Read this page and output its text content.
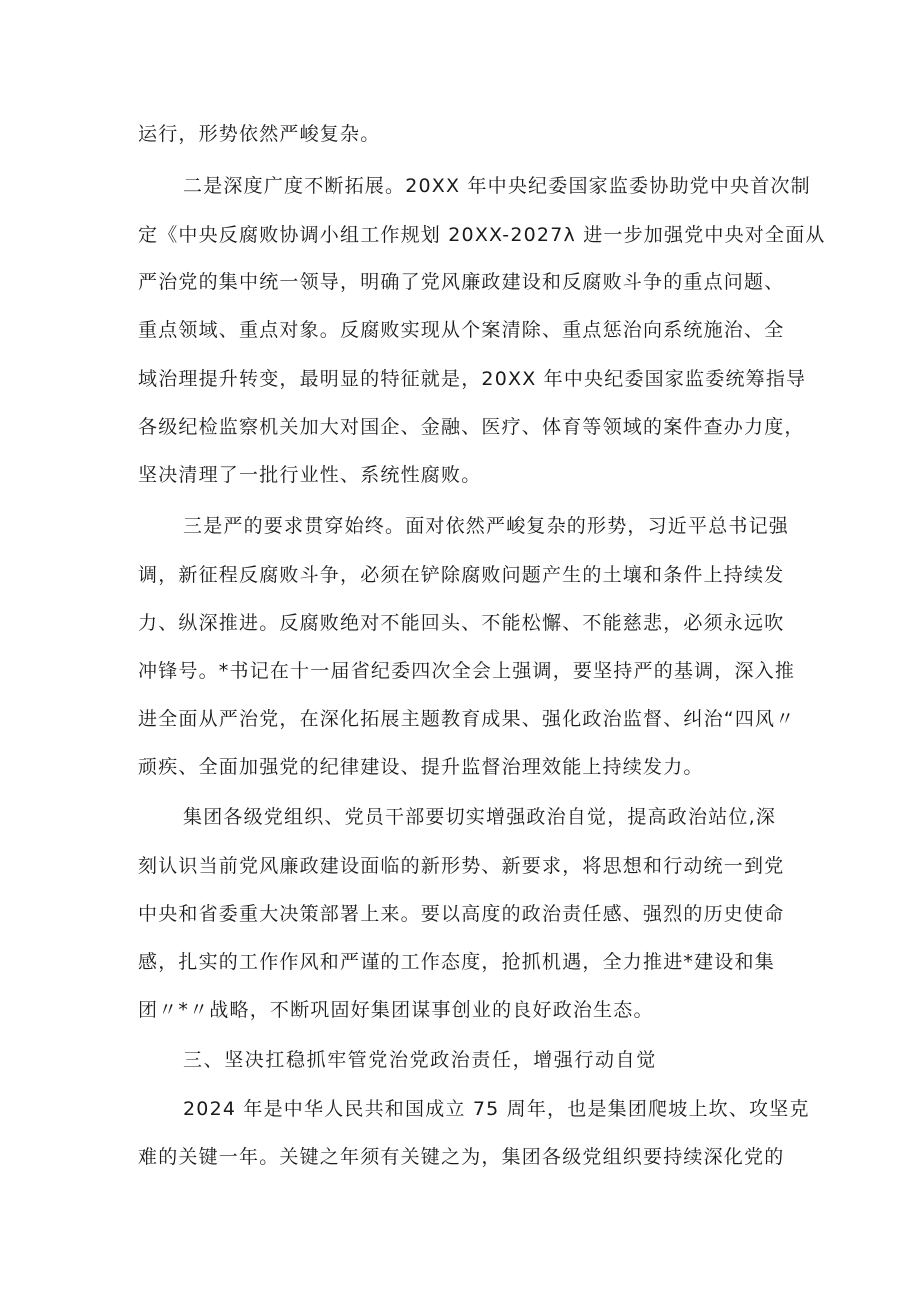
运行，形势依然严峻复杂。
二是深度广度不断拓展。20XX 年中央纪委国家监委协助党中央首次制
定《中央反腐败协调小组工作规划 20XX-2027λ 进一步加强党中央对全面从
严治党的集中统一领导，明确了党风廉政建设和反腐败斗争的重点问题、
重点领域、重点对象。反腐败实现从个案清除、重点惩治向系统施治、全
域治理提升转变，最明显的特征就是，20XX 年中央纪委国家监委统筹指导
各级纪检监察机关加大对国企、金融、医疗、体育等领域的案件查办力度，
坚决清理了一批行业性、系统性腐败。
三是严的要求贯穿始终。面对依然严峻复杂的形势，习近平总书记强
调，新征程反腐败斗争，必须在铲除腐败问题产生的土壤和条件上持续发
力、纵深推进。反腐败绝对不能回头、不能松懈、不能慈悲，必须永远吹
冲锋号。*书记在十一届省纪委四次全会上强调，要坚持严的基调，深入推
进全面从严治党，在深化拓展主题教育成果、强化政治监督、纠治“四风〃
顽疾、全面加强党的纪律建设、提升监督治理效能上持续发力。
集团各级党组织、党员干部要切实增强政治自觉，提高政治站位,深
刻认识当前党风廉政建设面临的新形势、新要求，将思想和行动统一到党
中央和省委重大决策部署上来。要以高度的政治责任感、强烈的历史使命
感，扎实的工作作风和严谨的工作态度，抢抓机遇，全力推进*建设和集
团〃*〃战略，不断巩固好集团谋事创业的良好政治生态。
三、坚决扛稳抓牢管党治党政治责任，增强行动自觉
2024 年是中华人民共和国成立 75 周年，也是集团爬坡上坎、攻坚克
难的关键一年。关键之年须有关键之为，集团各级党组织要持续深化党的
